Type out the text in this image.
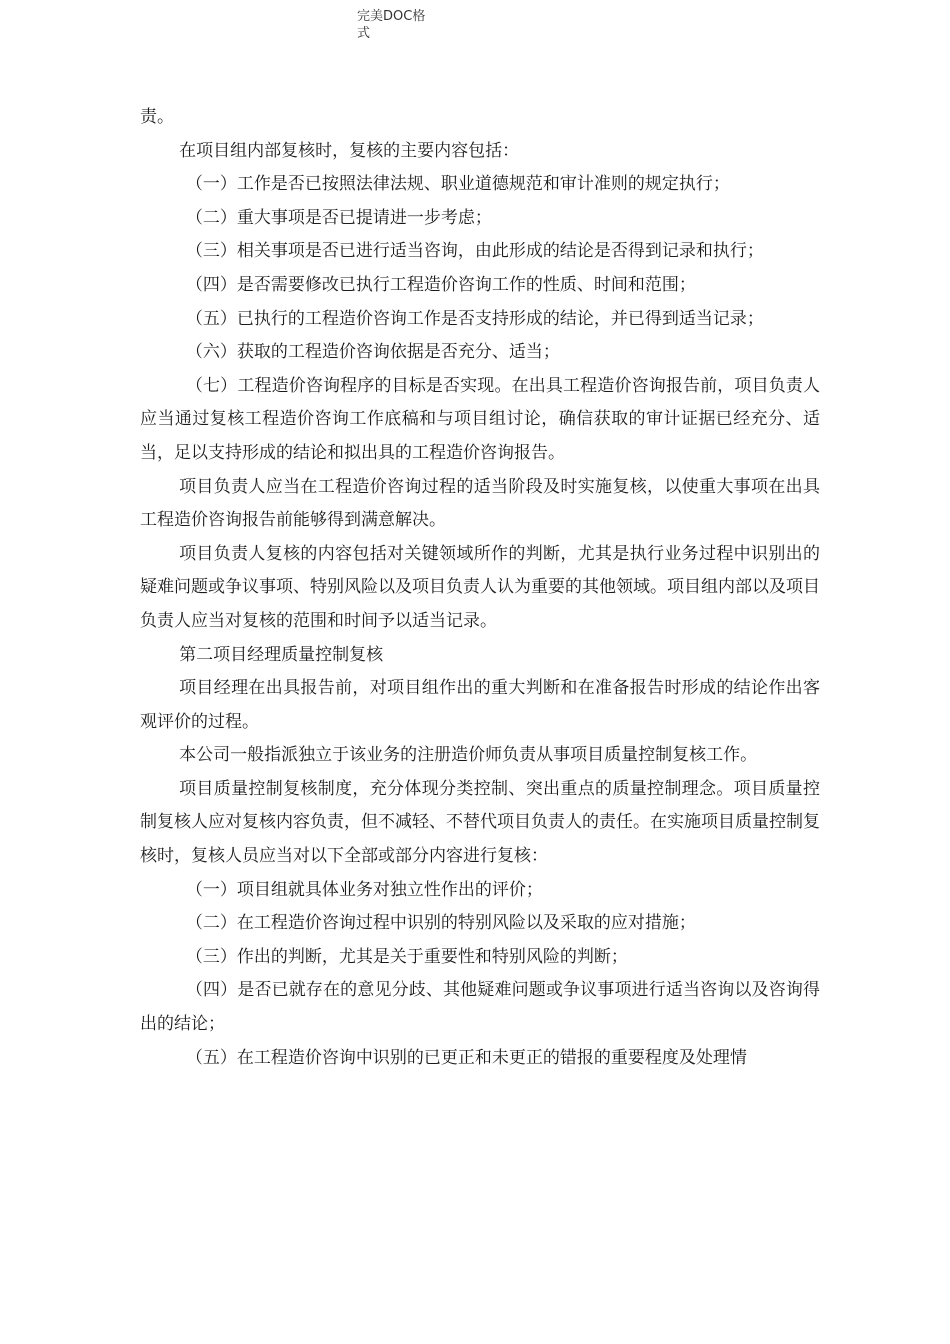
完美DOC格
式

责。

在项目组内部复核时，复核的主要内容包括：

（一）工作是否已按照法律法规、职业道德规范和审计准则的规定执行；

（二）重大事项是否已提请进一步考虑；

（三）相关事项是否已进行适当咨询，由此形成的结论是否得到记录和执行；

（四）是否需要修改已执行工程造价咨询工作的性质、时间和范围；

（五）已执行的工程造价咨询工作是否支持形成的结论，并已得到适当记录；

（六）获取的工程造价咨询依据是否充分、适当；

（七）工程造价咨询程序的目标是否实现。在出具工程造价咨询报告前，项目负责人应当通过复核工程造价咨询工作底稿和与项目组讨论，确信获取的审计证据已经充分、适当，足以支持形成的结论和拟出具的工程造价咨询报告。

项目负责人应当在工程造价咨询过程的适当阶段及时实施复核，以使重大事项在出具工程造价咨询报告前能够得到满意解决。

项目负责人复核的内容包括对关键领域所作的判断，尤其是执行业务过程中识别出的疑难问题或争议事项、特别风险以及项目负责人认为重要的其他领域。项目组内部以及项目负责人应当对复核的范围和时间予以适当记录。

第二项目经理质量控制复核

项目经理在出具报告前，对项目组作出的重大判断和在准备报告时形成的结论作出客观评价的过程。

本公司一般指派独立于该业务的注册造价师负责从事项目质量控制复核工作。

项目质量控制复核制度，充分体现分类控制、突出重点的质量控制理念。项目质量控制复核人应对复核内容负责，但不减轻、不替代项目负责人的责任。在实施项目质量控制复核时，复核人员应当对以下全部或部分内容进行复核：

（一）项目组就具体业务对独立性作出的评价；

（二）在工程造价咨询过程中识别的特别风险以及采取的应对措施；

（三）作出的判断，尤其是关于重要性和特别风险的判断；

（四）是否已就存在的意见分歧、其他疑难问题或争议事项进行适当咨询以及咨询得出的结论；

（五）在工程造价咨询中识别的已更正和未更正的错报的重要程度及处理情
